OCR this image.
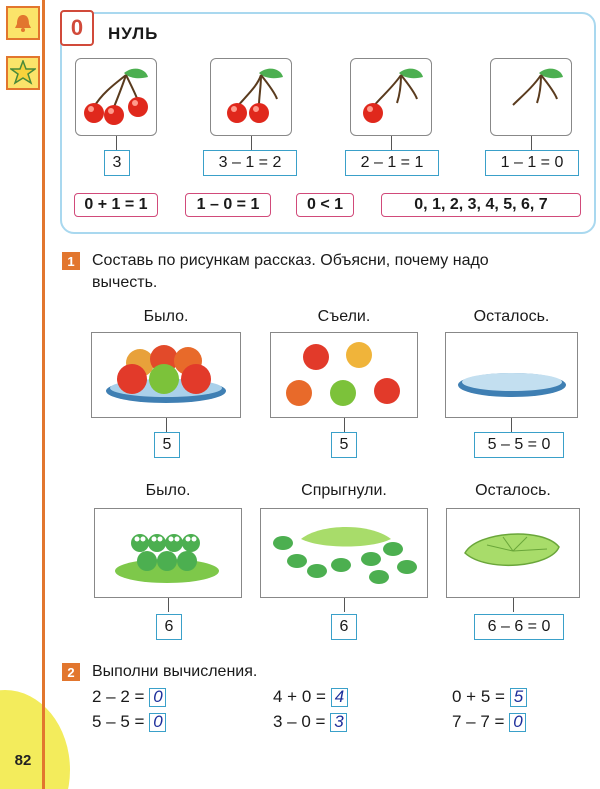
82
0	НУЛЬ
3	3 – 1 = 2	2 – 1 = 1	1 – 1 = 0
0 + 1 = 1	1 – 0 = 1	0 < 1	0, 1, 2, 3, 4, 5, 6, 7
1	Составь по рисункам рассказ. Объясни, почему надо
вычесть.
Было.	Съели.	Осталось.
5	5	5 – 5 = 0
Было.	Спрыгнули.	Осталось.
6	6	6 – 6 = 0
2	Выполни вычисления.
2 – 2 = 0	4 + 0 = 4	0 + 5 = 5
5 – 5 = 0	3 – 0 = 3	7 – 7 = 0
